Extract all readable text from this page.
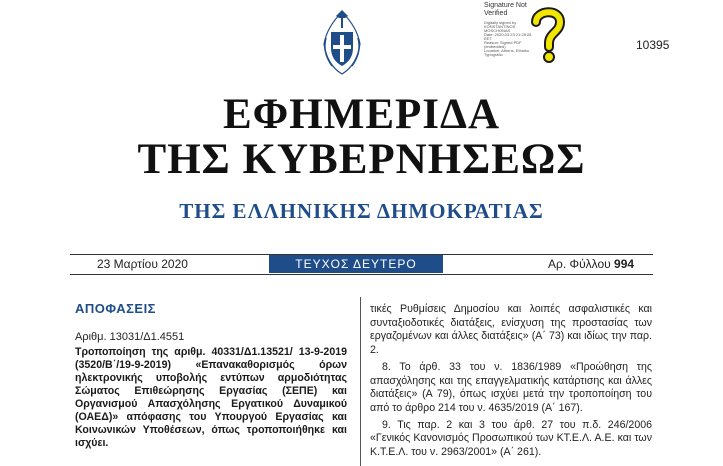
Signature Not
Verified
Digitally signed by
KONSTANTINOS
MOSCHONAS
Date: 2020.03.23 21:28:28
EET
Reason: Signed PDF
(embedded)
Location: Athens, Ethniko
Typografio
10395
ΕΦΗΜΕΡΙΔΑ
ΤΗΣ ΚΥΒΕΡΝΗΣΕΩΣ
ΤΗΣ ΕΛΛΗΝΙΚΗΣ ΔΗΜΟΚΡΑΤΙΑΣ
23 Μαρτίου 2020	ΤΕΥΧΟΣ ΔΕΥΤΕΡΟ	Αρ. Φύλλου 994
ΑΠΟΦΑΣΕΙΣ
Αριθμ. 13031/Δ1.4551
Τροποποίηση της αριθμ. 40331/Δ1.13521/ 13-9-2019 (3520/Β΄/19-9-2019) «Επανακαθορισμός όρων ηλεκτρονικής υποβολής εντύπων αρμοδιότητας Σώματος Επιθεώρησης Εργασίας (ΣΕΠΕ) και Οργανισμού Απασχόλησης Εργατικού Δυναμικού (ΟΑΕΔ)» απόφασης του Υπουργού Εργασίας και Κοινωνικών Υποθέσεων, όπως τροποποιήθηκε και ισχύει.

τικές Ρυθμίσεις Δημοσίου και λοιπές ασφαλιστικές και συνταξιοδοτικές διατάξεις, ενίσχυση της προστασίας των εργαζομένων και άλλες διατάξεις» (Α΄ 73) και ιδίως την παρ. 2.

8. Το άρθ. 33 του ν. 1836/1989 «Προώθηση της απασχόλησης και της επαγγελματικής κατάρτισης και άλλες διατάξεις» (Α 79), όπως ισχύει μετά την τροποποίηση του από το άρθρο 214 του ν. 4635/2019 (Α΄ 167).

9. Τις παρ. 2 και 3 του άρθ. 27 του π.δ. 246/2006 «Γενικός Κανονισμός Προσωπικού των ΚΤ.Ε.Λ. Α.Ε. και των Κ.Τ.Ε.Λ. του ν. 2963/2001» (Α΄ 261).
